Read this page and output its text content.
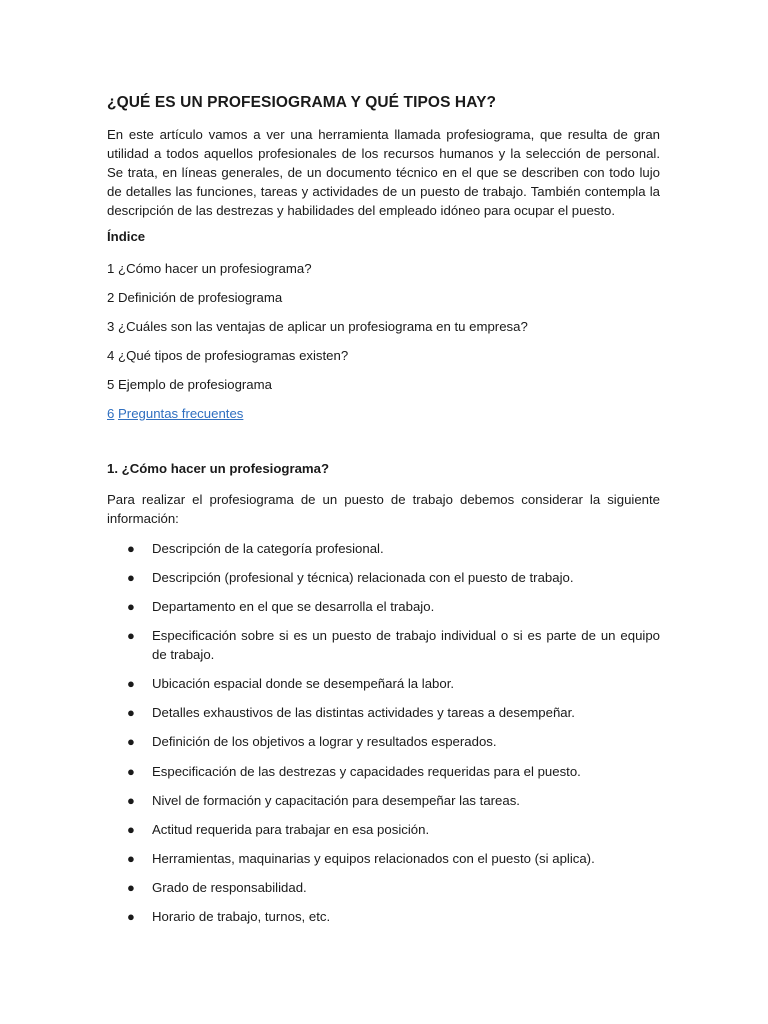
¿QUÉ ES UN PROFESIOGRAMA Y QUÉ TIPOS HAY?

En este artículo vamos a ver una herramienta llamada profesiograma, que resulta de gran utilidad a todos aquellos profesionales de los recursos humanos y la selección de personal. Se trata, en líneas generales, de un documento técnico en el que se describen con todo lujo de detalles las funciones, tareas y actividades de un puesto de trabajo. También contempla la descripción de las destrezas y habilidades del empleado idóneo para ocupar el puesto.

Índice

1 ¿Cómo hacer un profesiograma?

2 Definición de profesiograma

3 ¿Cuáles son las ventajas de aplicar un profesiograma en tu empresa?

4 ¿Qué tipos de profesiogramas existen?

5 Ejemplo de profesiograma

6 Preguntas frecuentes

1. ¿Cómo hacer un profesiograma?

Para realizar el profesiograma de un puesto de trabajo debemos considerar la siguiente información:

● Descripción de la categoría profesional.
● Descripción (profesional y técnica) relacionada con el puesto de trabajo.
● Departamento en el que se desarrolla el trabajo.
● Especificación sobre si es un puesto de trabajo individual o si es parte de un equipo de trabajo.
● Ubicación espacial donde se desempeñará la labor.
● Detalles exhaustivos de las distintas actividades y tareas a desempeñar.
● Definición de los objetivos a lograr y resultados esperados.
● Especificación de las destrezas y capacidades requeridas para el puesto.
● Nivel de formación y capacitación para desempeñar las tareas.
● Actitud requerida para trabajar en esa posición.
● Herramientas, maquinarias y equipos relacionados con el puesto (si aplica).
● Grado de responsabilidad.
● Horario de trabajo, turnos, etc.
